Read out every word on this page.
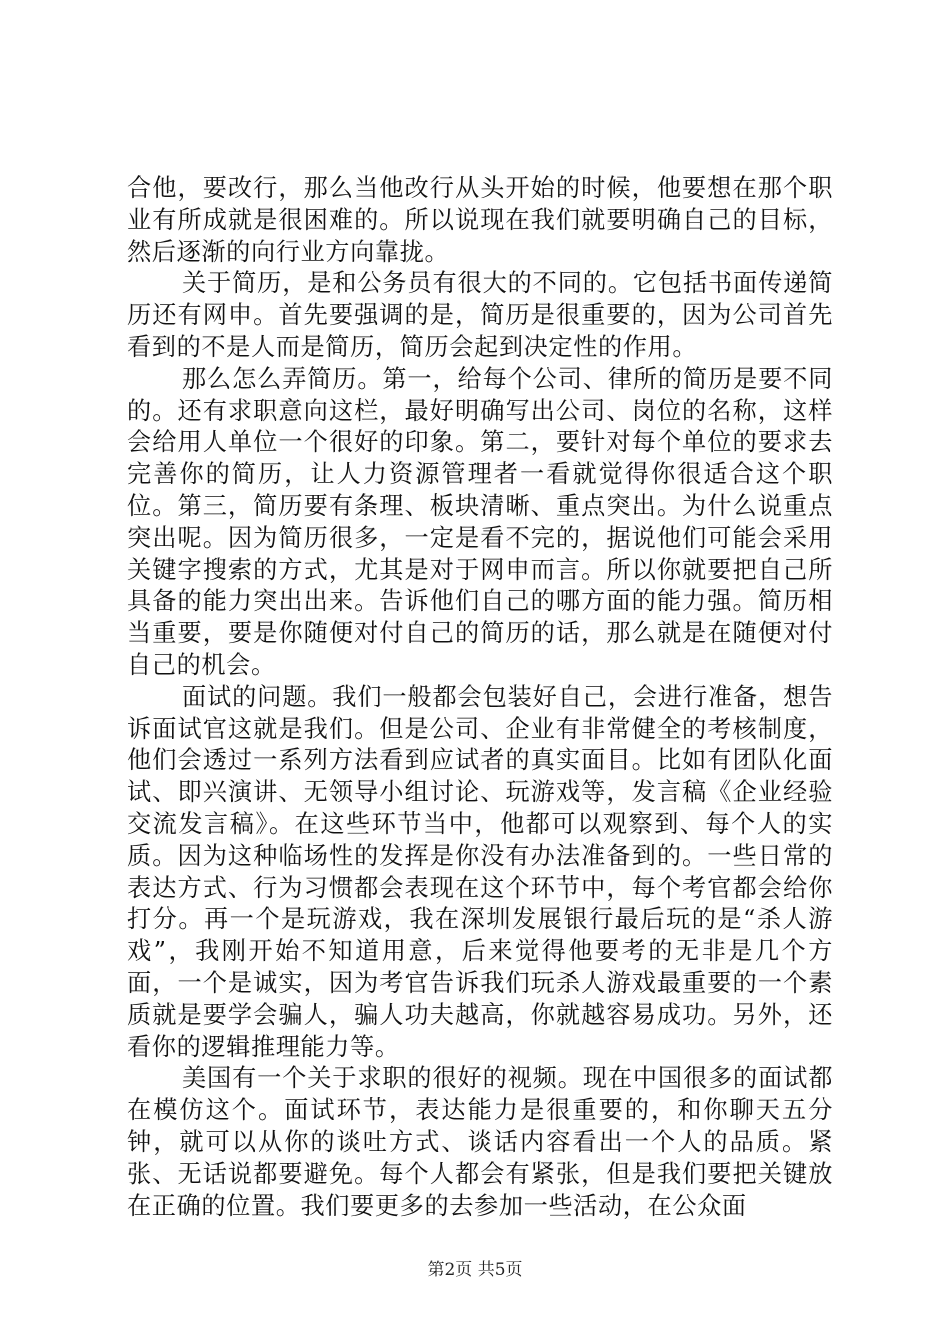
合他，要改行，那么当他改行从头开始的时候，他要想在那个职业有所成就是很困难的。所以说现在我们就要明确自己的目标，然后逐渐的向行业方向靠拢。

关于简历，是和公务员有很大的不同的。它包括书面传递简历还有网申。首先要强调的是，简历是很重要的，因为公司首先看到的不是人而是简历，简历会起到决定性的作用。

那么怎么弄简历。第一，给每个公司、律所的简历是要不同的。还有求职意向这栏，最好明确写出公司、岗位的名称，这样会给用人单位一个很好的印象。第二，要针对每个单位的要求去完善你的简历，让人力资源管理者一看就觉得你很适合这个职位。第三，简历要有条理、板块清晰、重点突出。为什么说重点突出呢。因为简历很多，一定是看不完的，据说他们可能会采用关键字搜索的方式，尤其是对于网申而言。所以你就要把自己所具备的能力突出出来。告诉他们自己的哪方面的能力强。简历相当重要，要是你随便对付自己的简历的话，那么就是在随便对付自己的机会。

面试的问题。我们一般都会包装好自己，会进行准备，想告诉面试官这就是我们。但是公司、企业有非常健全的考核制度，他们会透过一系列方法看到应试者的真实面目。比如有团队化面试、即兴演讲、无领导小组讨论、玩游戏等，发言稿《企业经验交流发言稿》。在这些环节当中，他都可以观察到、每个人的实质。因为这种临场性的发挥是你没有办法准备到的。一些日常的表达方式、行为习惯都会表现在这个环节中，每个考官都会给你打分。再一个是玩游戏，我在深圳发展银行最后玩的是“杀人游戏”，我刚开始不知道用意，后来觉得他要考的无非是几个方面，一个是诚实，因为考官告诉我们玩杀人游戏最重要的一个素质就是要学会骗人，骗人功夫越高，你就越容易成功。另外，还看你的逻辑推理能力等。

美国有一个关于求职的很好的视频。现在中国很多的面试都在模仿这个。面试环节，表达能力是很重要的，和你聊天五分钟，就可以从你的谈吐方式、谈话内容看出一个人的品质。紧张、无话说都要避免。每个人都会有紧张，但是我们要把关键放在正确的位置。我们要更多的去参加一些活动，在公众面

第2页 共5页
